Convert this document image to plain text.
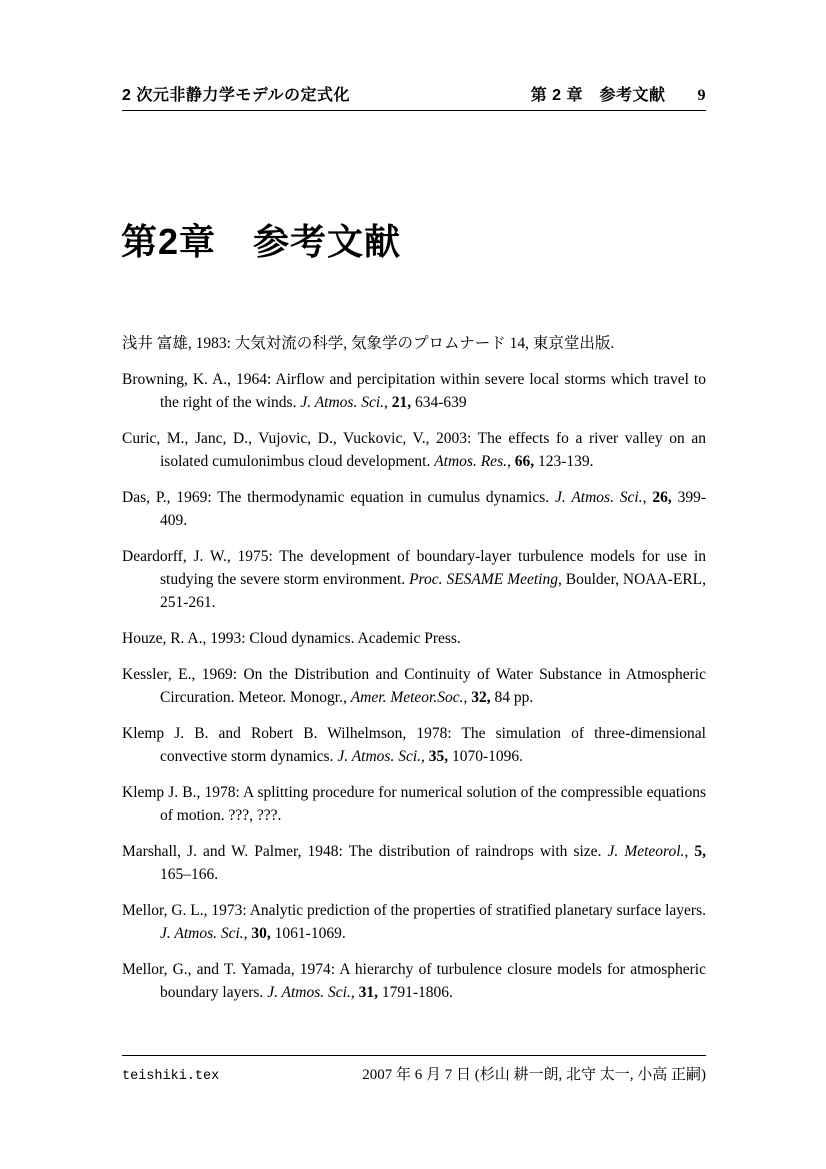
2 次元非静力学モデルの定式化	第 2 章　参考文献 9
第2章　参考文献

浅井 富雄, 1983: 大気対流の科学, 気象学のプロムナード 14, 東京堂出版.

Browning, K. A., 1964: Airflow and percipitation within severe local storms which travel to the right of the winds. J. Atmos. Sci., 21, 634-639

Curic, M., Janc, D., Vujovic, D., Vuckovic, V., 2003: The effects fo a river valley on an isolated cumulonimbus cloud development. Atmos. Res., 66, 123-139.

Das, P., 1969: The thermodynamic equation in cumulus dynamics. J. Atmos. Sci., 26, 399-409.

Deardorff, J. W., 1975: The development of boundary-layer turbulence models for use in studying the severe storm environment. Proc. SESAME Meeting, Boulder, NOAA-ERL, 251-261.

Houze, R. A., 1993: Cloud dynamics. Academic Press.

Kessler, E., 1969: On the Distribution and Continuity of Water Substance in Atmospheric Circuration. Meteor. Monogr., Amer. Meteor.Soc., 32, 84 pp.

Klemp J. B. and Robert B. Wilhelmson, 1978: The simulation of three-dimensional convective storm dynamics. J. Atmos. Sci., 35, 1070-1096.

Klemp J. B., 1978: A splitting procedure for numerical solution of the compressible equations of motion. ???, ???.

Marshall, J. and W. Palmer, 1948: The distribution of raindrops with size. J. Meteorol., 5, 165–166.

Mellor, G. L., 1973: Analytic prediction of the properties of stratified planetary surface layers. J. Atmos. Sci., 30, 1061-1069.

Mellor, G., and T. Yamada, 1974: A hierarchy of turbulence closure models for atmospheric boundary layers. J. Atmos. Sci., 31, 1791-1806.

teishiki.tex	2007 年 6 月 7 日 (杉山 耕一朗, 北守 太一, 小高 正嗣)
